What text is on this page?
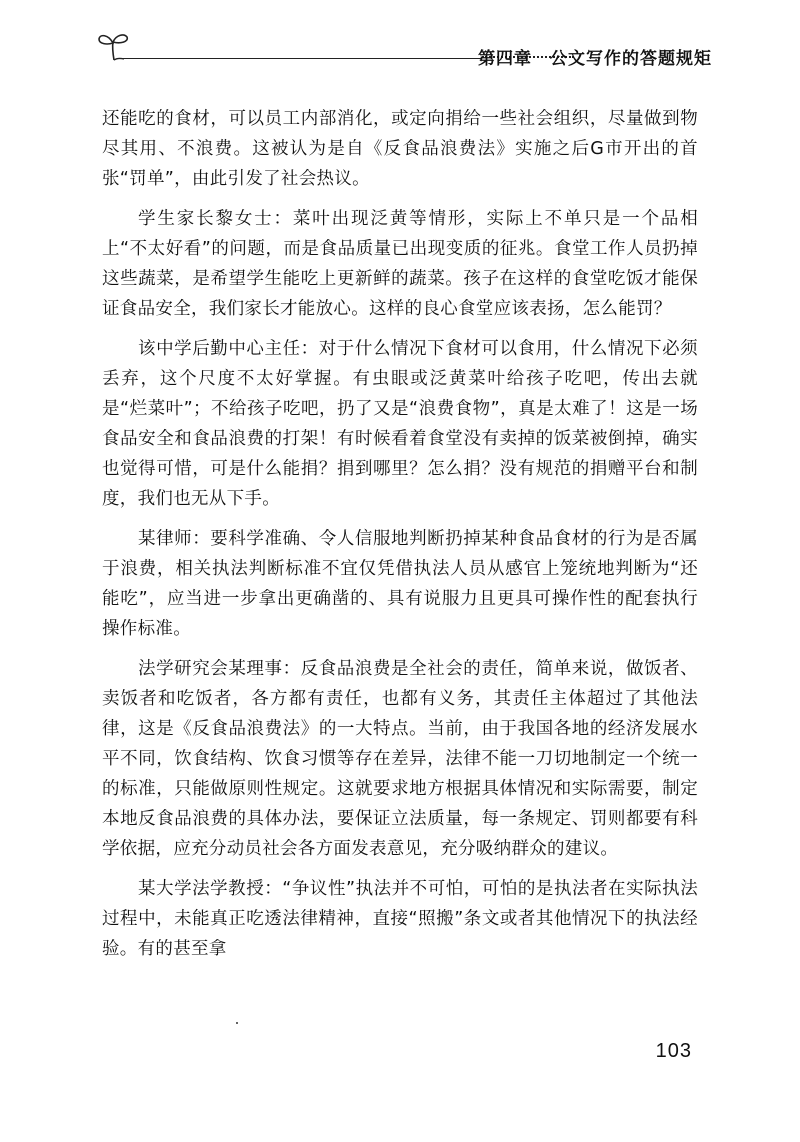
第四章　公文写作的答题规矩

还能吃的食材，可以员工内部消化，或定向捐给一些社会组织，尽量做到物尽其用、不浪费。这被认为是自《反食品浪费法》实施之后G市开出的首张“罚单”，由此引发了社会热议。

学生家长黎女士：菜叶出现泛黄等情形，实际上不单只是一个品相上“不太好看”的问题，而是食品质量已出现变质的征兆。食堂工作人员扔掉这些蔬菜，是希望学生能吃上更新鲜的蔬菜。孩子在这样的食堂吃饭才能保证食品安全，我们家长才能放心。这样的良心食堂应该表扬，怎么能罚？

该中学后勤中心主任：对于什么情况下食材可以食用，什么情况下必须丢弃，这个尺度不太好掌握。有虫眼或泛黄菜叶给孩子吃吧，传出去就是“烂菜叶”；不给孩子吃吧，扔了又是“浪费食物”，真是太难了！这是一场食品安全和食品浪费的打架！有时候看着食堂没有卖掉的饭菜被倒掉，确实也觉得可惜，可是什么能捐？捐到哪里？怎么捐？没有规范的捐赠平台和制度，我们也无从下手。

某律师：要科学准确、令人信服地判断扔掉某种食品食材的行为是否属于浪费，相关执法判断标准不宜仅凭借执法人员从感官上笼统地判断为“还能吃”，应当进一步拿出更确凿的、具有说服力且更具可操作性的配套执行操作标准。

法学研究会某理事：反食品浪费是全社会的责任，简单来说，做饭者、卖饭者和吃饭者，各方都有责任，也都有义务，其责任主体超过了其他法律，这是《反食品浪费法》的一大特点。当前，由于我国各地的经济发展水平不同，饮食结构、饮食习惯等存在差异，法律不能一刀切地制定一个统一的标准，只能做原则性规定。这就要求地方根据具体情况和实际需要，制定本地反食品浪费的具体办法，要保证立法质量，每一条规定、罚则都要有科学依据，应充分动员社会各方面发表意见，充分吸纳群众的建议。

某大学法学教授：“争议性”执法并不可怕，可怕的是执法者在实际执法过程中，未能真正吃透法律精神，直接“照搬”条文或者其他情况下的执法经验。有的甚至拿

103
